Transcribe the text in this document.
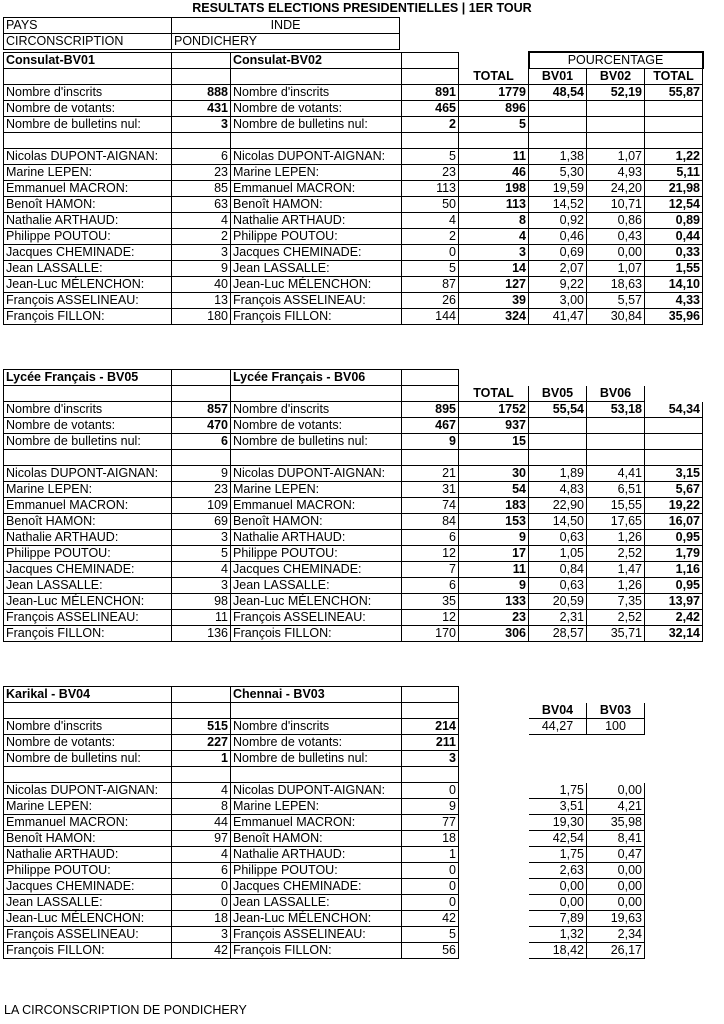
RESULTATS ELECTIONS PRESIDENTIELLES | 1ER TOUR
PAYS	INDE
CIRCONSCRIPTION	PONDICHERY
Consulat-BV01		Consulat-BV02			POURCENTAGE		
				TOTAL	BV01	BV02	TOTAL
Nombre d'inscrits	888	Nombre d'inscrits	891	1779	48,54	52,19	55,87
Nombre de votants:	431	Nombre de votants:	465	896			
Nombre de bulletins nul:	3	Nombre de bulletins nul:	2	5			

Nicolas DUPONT-AIGNAN:	6	Nicolas DUPONT-AIGNAN:	5	11	1,38	1,07	1,22
Marine LEPEN:	23	Marine LEPEN:	23	46	5,30	4,93	5,11
Emmanuel MACRON:	85	Emmanuel MACRON:	113	198	19,59	24,20	21,98
Benoît HAMON:	63	Benoît HAMON:	50	113	14,52	10,71	12,54
Nathalie ARTHAUD:	4	Nathalie ARTHAUD:	4	8	0,92	0,86	0,89
Philippe POUTOU:	2	Philippe POUTOU:	2	4	0,46	0,43	0,44
Jacques CHEMINADE:	3	Jacques CHEMINADE:	0	3	0,69	0,00	0,33
Jean LASSALLE:	9	Jean LASSALLE:	5	14	2,07	1,07	1,55
Jean-Luc MÉLENCHON:	40	Jean-Luc MÉLENCHON:	87	127	9,22	18,63	14,10
François ASSELINEAU:	13	François ASSELINEAU:	26	39	3,00	5,57	4,33
François FILLON:	180	François FILLON:	144	324	41,47	30,84	35,96
Lycée Français - BV05		Lycée Français - BV06					
				TOTAL	BV05	BV06	
Nombre d'inscrits	857	Nombre d'inscrits	895	1752	55,54	53,18	54,34
Nombre de votants:	470	Nombre de votants:	467	937			
Nombre de bulletins nul:	6	Nombre de bulletins nul:	9	15			

Nicolas DUPONT-AIGNAN:	9	Nicolas DUPONT-AIGNAN:	21	30	1,89	4,41	3,15
Marine LEPEN:	23	Marine LEPEN:	31	54	4,83	6,51	5,67
Emmanuel MACRON:	109	Emmanuel MACRON:	74	183	22,90	15,55	19,22
Benoît HAMON:	69	Benoît HAMON:	84	153	14,50	17,65	16,07
Nathalie ARTHAUD:	3	Nathalie ARTHAUD:	6	9	0,63	1,26	0,95
Philippe POUTOU:	5	Philippe POUTOU:	12	17	1,05	2,52	1,79
Jacques CHEMINADE:	4	Jacques CHEMINADE:	7	11	0,84	1,47	1,16
Jean LASSALLE:	3	Jean LASSALLE:	6	9	0,63	1,26	0,95
Jean-Luc MÉLENCHON:	98	Jean-Luc MÉLENCHON:	35	133	20,59	7,35	13,97
François ASSELINEAU:	11	François ASSELINEAU:	12	23	2,31	2,52	2,42
François FILLON:	136	François FILLON:	170	306	28,57	35,71	32,14
Karikal - BV04		Chennai - BV03					
					BV04	BV03	
Nombre d'inscrits	515	Nombre d'inscrits	214		44,27	100	
Nombre de votants:	227	Nombre de votants:	211				
Nombre de bulletins nul:	1	Nombre de bulletins nul:	3				

Nicolas DUPONT-AIGNAN:	4	Nicolas DUPONT-AIGNAN:	0		1,75	0,00	
Marine LEPEN:	8	Marine LEPEN:	9		3,51	4,21	
Emmanuel MACRON:	44	Emmanuel MACRON:	77		19,30	35,98	
Benoît HAMON:	97	Benoît HAMON:	18		42,54	8,41	
Nathalie ARTHAUD:	4	Nathalie ARTHAUD:	1		1,75	0,47	
Philippe POUTOU:	6	Philippe POUTOU:	0		2,63	0,00	
Jacques CHEMINADE:	0	Jacques CHEMINADE:	0		0,00	0,00	
Jean LASSALLE:	0	Jean LASSALLE:	0		0,00	0,00	
Jean-Luc MÉLENCHON:	18	Jean-Luc MÉLENCHON:	42		7,89	19,63	
François ASSELINEAU:	3	François ASSELINEAU:	5		1,32	2,34	
François FILLON:	42	François FILLON:	56		18,42	26,17	
LA CIRCONSCRIPTION DE PONDICHERY
